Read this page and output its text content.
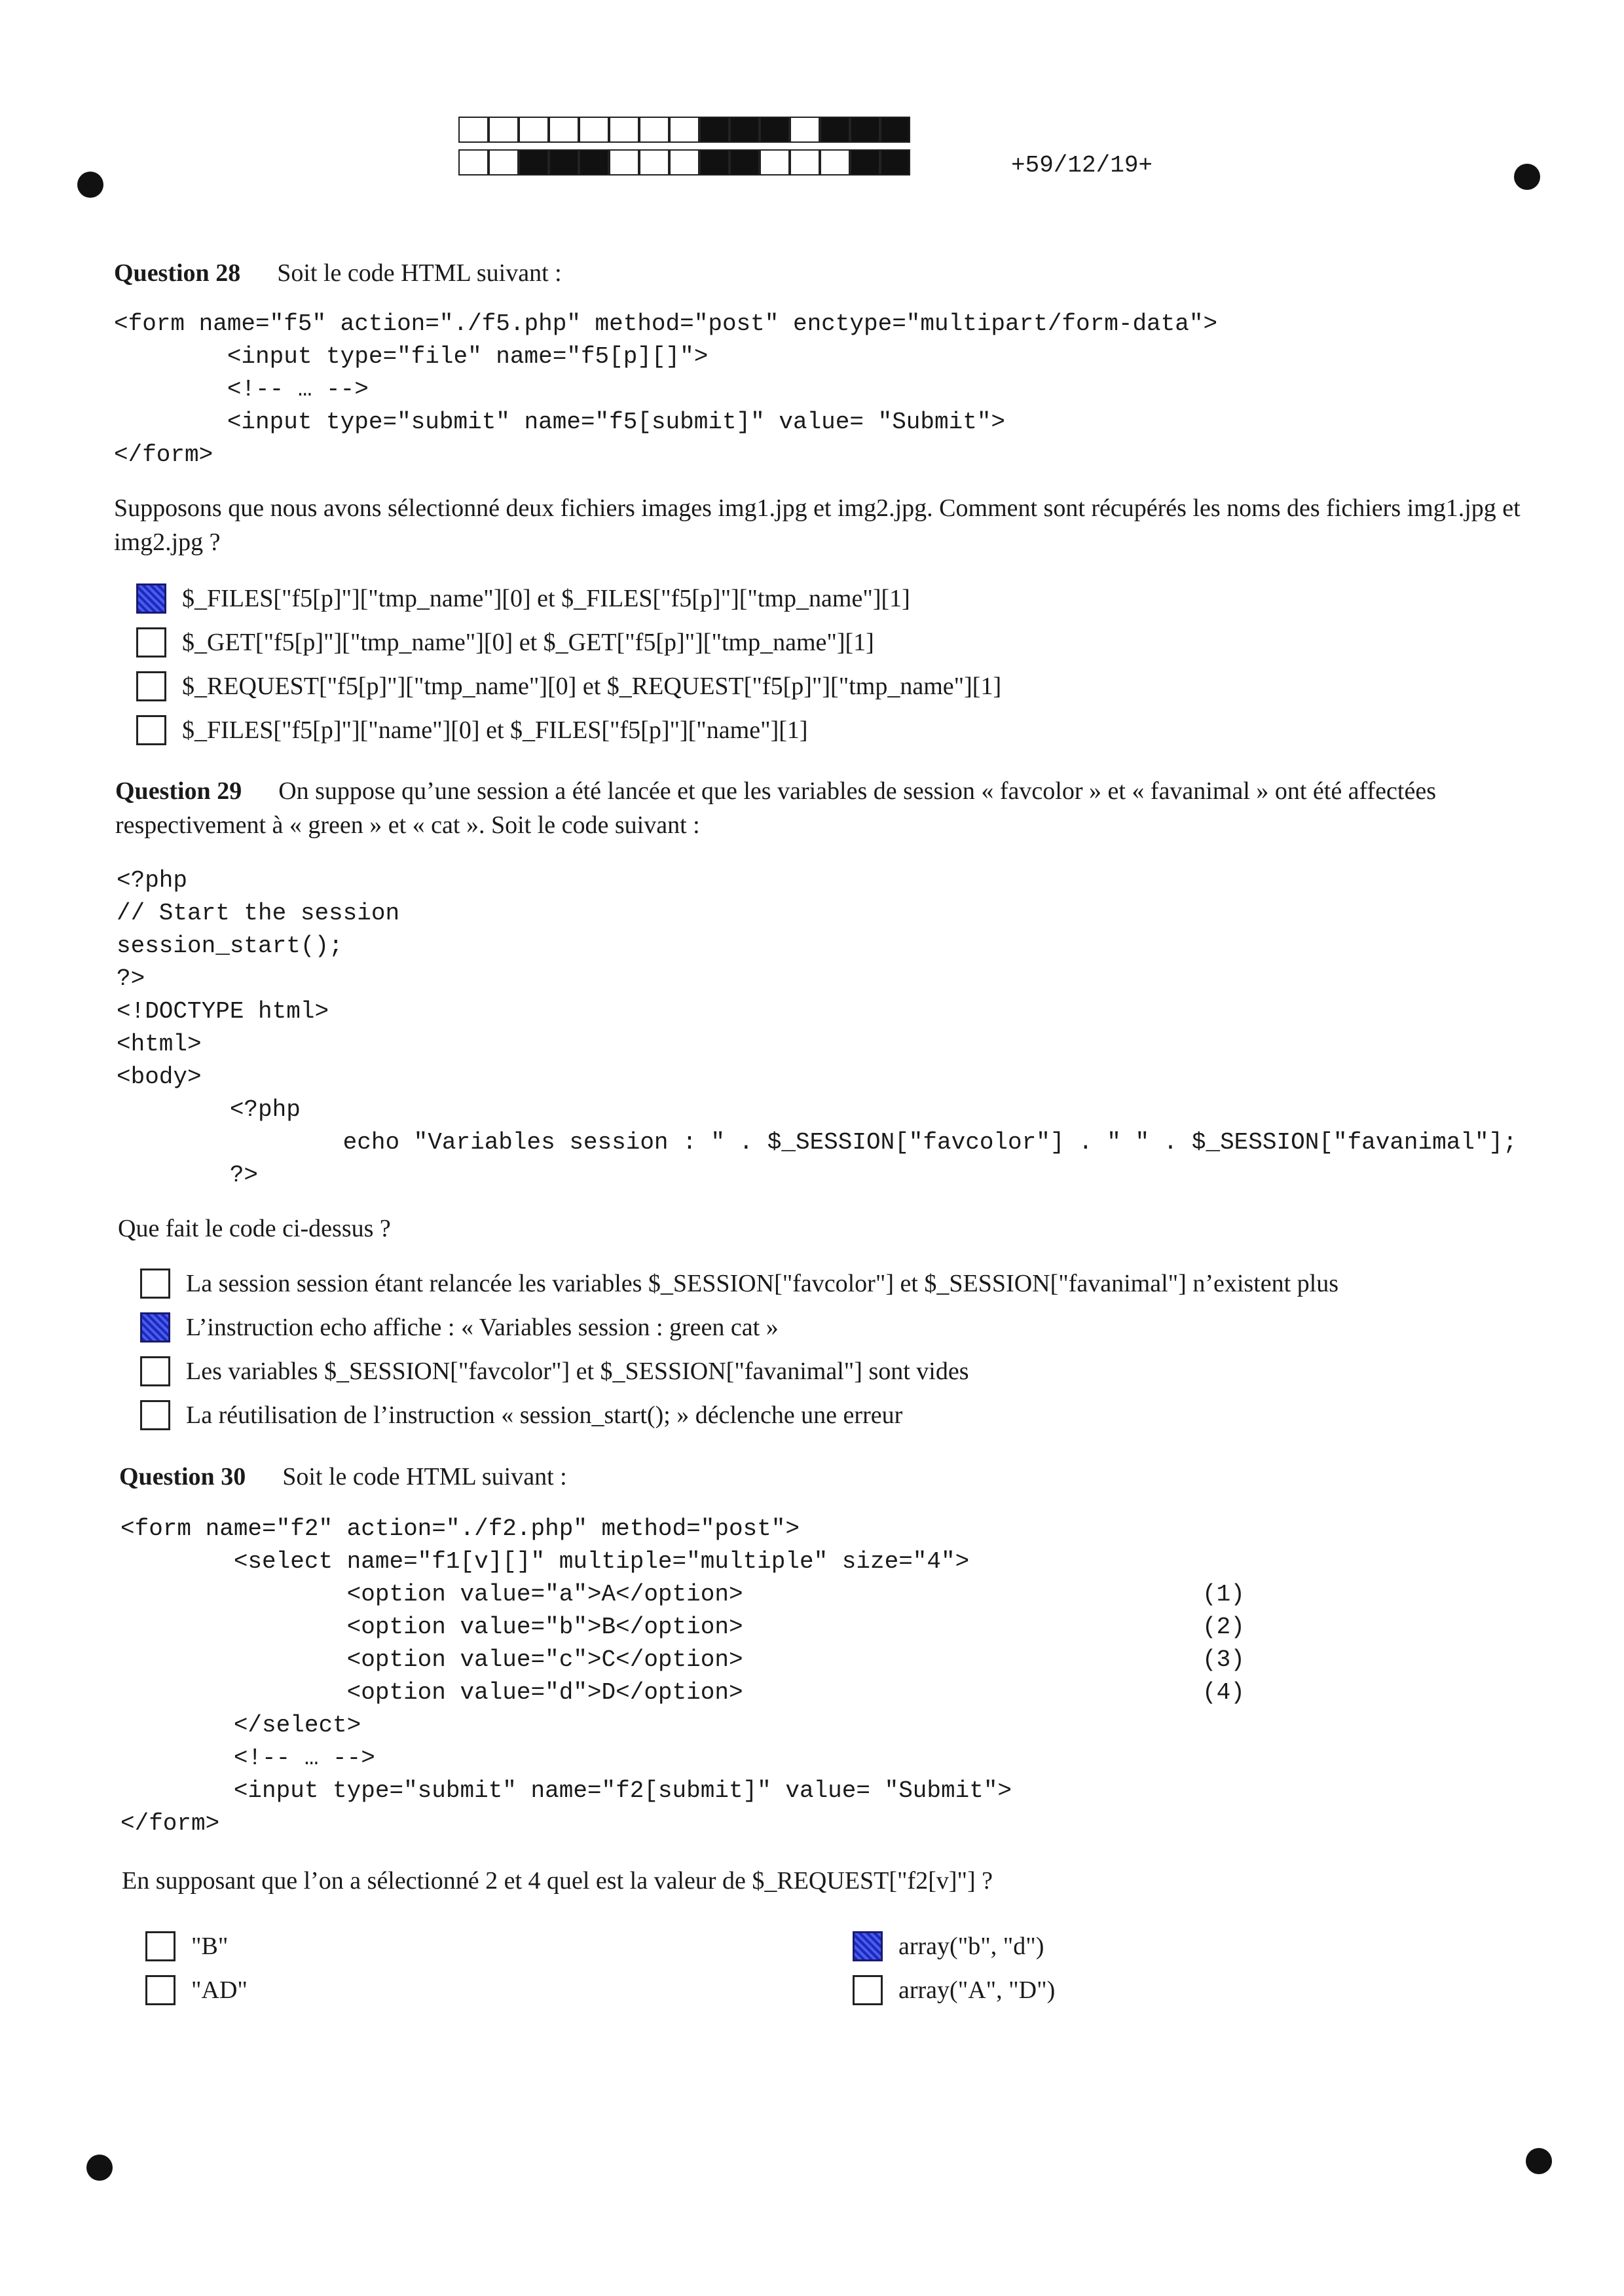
+59/12/19+
Question 28 Soit le code HTML suivant :
<form name="f5" action="./f5.php" method="post" enctype="multipart/form-data">
<input type="file" name="f5[p][]">
<!-- … -->
<input type="submit" name="f5[submit]" value= "Submit">
</form>
Supposons que nous avons sélectionné deux fichiers images img1.jpg et img2.jpg. Comment sont récupérés les noms des fichiers img1.jpg et img2.jpg ?
$_FILES["f5[p]"]["tmp_name"][0] et $_FILES["f5[p]"]["tmp_name"][1]
$_GET["f5[p]"]["tmp_name"][0] et $_GET["f5[p]"]["tmp_name"][1]
$_REQUEST["f5[p]"]["tmp_name"][0] et $_REQUEST["f5[p]"]["tmp_name"][1]
$_FILES["f5[p]"]["name"][0] et $_FILES["f5[p]"]["name"][1]
Question 29 On suppose qu’une session a été lancée et que les variables de session « favcolor » et « favanimal » ont été affectées respectivement à « green » et « cat ». Soit le code suivant :
<?php
// Start the session
session_start();
?>
<!DOCTYPE html>
<html>
<body>
<?php
echo "Variables session : " . $_SESSION["favcolor"] . " " . $_SESSION["favanimal"];
?>
Que fait le code ci-dessus ?
La session session étant relancée les variables $_SESSION["favcolor"] et $_SESSION["favanimal"] n’existent plus
L’instruction echo affiche : « Variables session : green cat »
Les variables $_SESSION["favcolor"] et $_SESSION["favanimal"] sont vides
La réutilisation de l’instruction « session_start(); » déclenche une erreur
Question 30 Soit le code HTML suivant :
<form name="f2" action="./f2.php" method="post">
<select name="f1[v][]" multiple="multiple" size="4">
<option value="a">A</option>
<option value="b">B</option>
<option value="c">C</option>
<option value="d">D</option>
</select>
<!-- … -->
<input type="submit" name="f2[submit]" value= "Submit">
</form>
(1)
(2)
(3)
(4)
En supposant que l’on a sélectionné 2 et 4 quel est la valeur de $_REQUEST["f2[v]"] ?
"B"
"AD"
array("b", "d")
array("A", "D")
